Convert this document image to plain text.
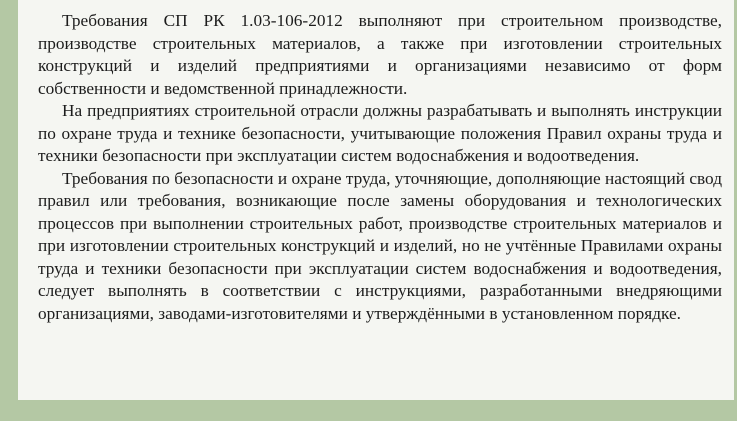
Требования СП РК 1.03-106-2012 выполняют при строительном производстве, производстве строительных материалов, а также при изготовлении строительных конструкций и изделий предприятиями и организациями независимо от форм собственности и ведомственной принадлежности.

На предприятиях строительной отрасли должны разрабатывать и выполнять инструкции по охране труда и технике безопасности, учитывающие положения Правил охраны труда и техники безопасности при эксплуатации систем водоснабжения и водоотведения.

Требования по безопасности и охране труда, уточняющие, дополняющие настоящий свод правил или требования, возникающие после замены оборудования и технологических процессов при выполнении строительных работ, производстве строительных материалов и при изготовлении строительных конструкций и изделий, но не учтённые Правилами охраны труда и техники безопасности при эксплуатации систем водоснабжения и водоотведения, следует выполнять в соответствии с инструкциями, разработанными внедряющими организациями, заводами-изготовителями и утверждёнными в установленном порядке.
